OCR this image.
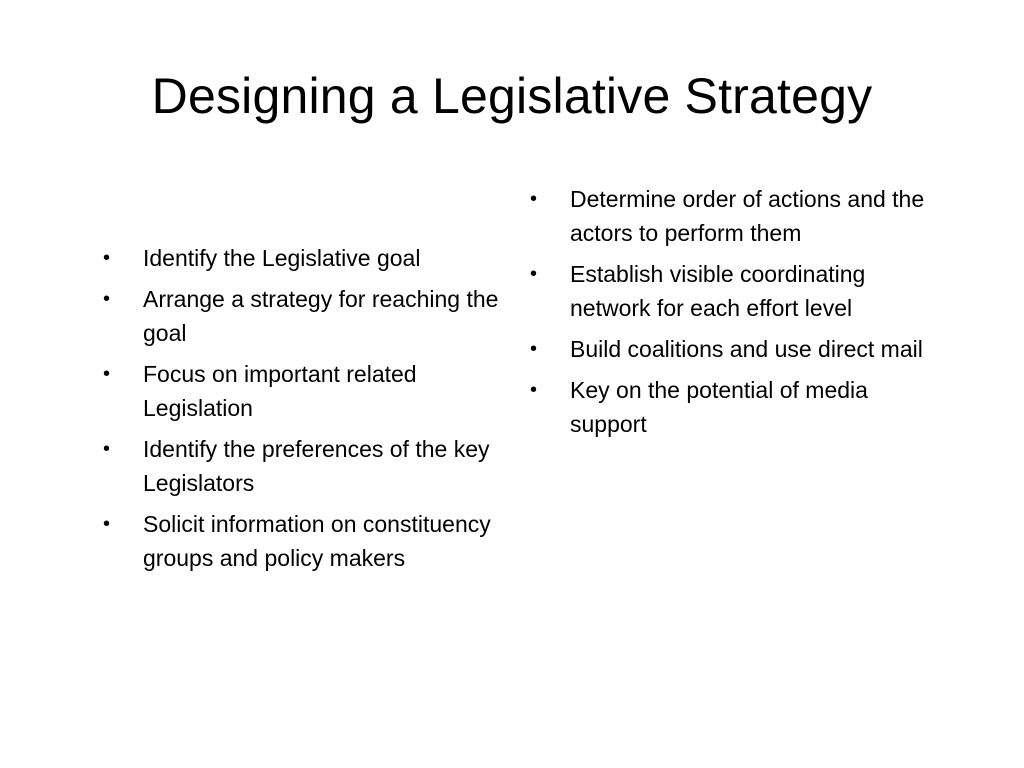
Designing a Legislative Strategy
• Identify the Legislative goal
• Arrange a strategy for reaching the goal
• Focus on important related Legislation
• Identify the preferences of the key Legislators
• Solicit information on constituency groups and policy makers
• Determine order of actions and the actors to perform them
• Establish visible coordinating network for each effort level
• Build coalitions and use direct mail
• Key on the potential of media support
